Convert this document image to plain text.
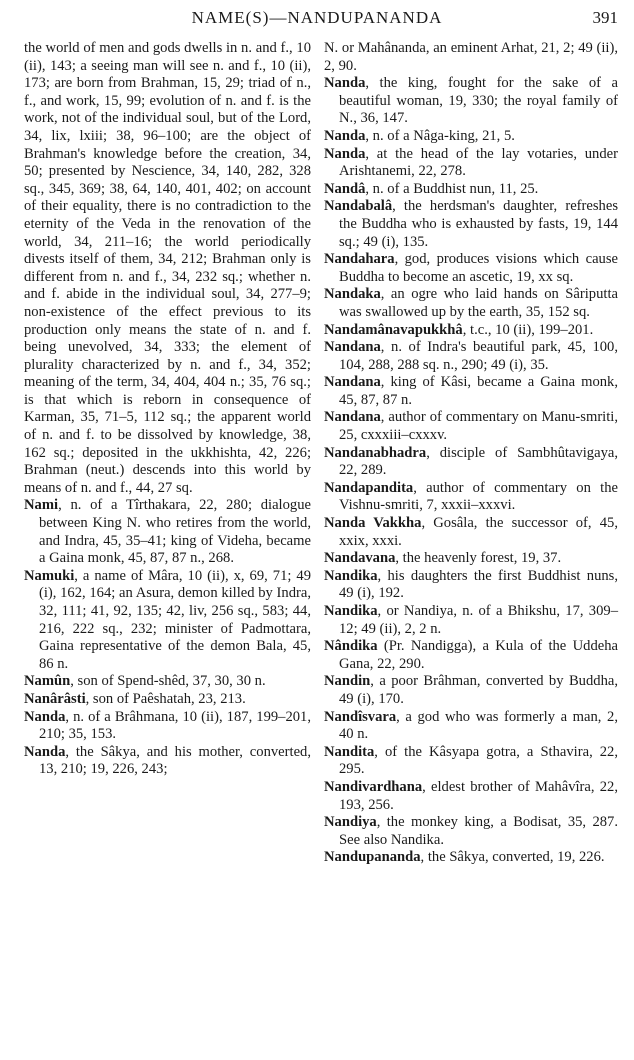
NAME(S)—NANDUPANANDA	391

the world of men and gods dwells in n. and f., 10 (ii), 143; a seeing man will see n. and f., 10 (ii), 173; are born from Brahman, 15, 29; triad of n., f., and work, 15, 99; evolution of n. and f. is the work, not of the individual soul, but of the Lord, 34, lix, lxiii; 38, 96–100; are the object of Brahman's knowledge before the creation, 34, 50; presented by Nescience, 34, 140, 282, 328 sq., 345, 369; 38, 64, 140, 401, 402; on account of their equality, there is no contradiction to the eternity of the Veda in the renovation of the world, 34, 211–16; the world periodically divests itself of them, 34, 212; Brahman only is different from n. and f., 34, 232 sq.; whether n. and f. abide in the individual soul, 34, 277–9; non-existence of the effect previous to its production only means the state of n. and f. being unevolved, 34, 333; the element of plurality characterized by n. and f., 34, 352; meaning of the term, 34, 404, 404 n.; 35, 76 sq.; is that which is reborn in consequence of Karman, 35, 71–5, 112 sq.; the apparent world of n. and f. to be dissolved by knowledge, 38, 162 sq.; deposited in the ukkhishta, 42, 226; Brahman (neut.) descends into this world by means of n. and f., 44, 27 sq.

Nami, n. of a Tîrthakara, 22, 280; dialogue between King N. who retires from the world, and Indra, 45, 35–41; king of Videha, became a Gaina monk, 45, 87, 87 n., 268.

Namuki, a name of Mâra, 10 (ii), x, 69, 71; 49 (i), 162, 164; an Asura, demon killed by Indra, 32, 111; 41, 92, 135; 42, liv, 256 sq., 583; 44, 216, 222 sq., 232; minister of Padmottara, Gaina representative of the demon Bala, 45, 86 n.

Namûn, son of Spend-shêd, 37, 30, 30 n.

Nanârâsti, son of Paêshatah, 23, 213.

Nanda, n. of a Brâhmana, 10 (ii), 187, 199–201, 210; 35, 153.

Nanda, the Sâkya, and his mother, converted, 13, 210; 19, 226, 243;

N. or Mahânanda, an eminent Arhat, 21, 2; 49 (ii), 2, 90.

Nanda, the king, fought for the sake of a beautiful woman, 19, 330; the royal family of N., 36, 147.

Nanda, n. of a Nâga-king, 21, 5.

Nanda, at the head of the lay votaries, under Arishtanemi, 22, 278.

Nandâ, n. of a Buddhist nun, 11, 25.

Nandabalâ, the herdsman's daughter, refreshes the Buddha who is exhausted by fasts, 19, 144 sq.; 49 (i), 135.

Nandahara, god, produces visions which cause Buddha to become an ascetic, 19, xx sq.

Nandaka, an ogre who laid hands on Sâriputta was swallowed up by the earth, 35, 152 sq.

Nandamânavapukkhâ, t.c., 10 (ii), 199–201.

Nandana, n. of Indra's beautiful park, 45, 100, 104, 288, 288 sq. n., 290; 49 (i), 35.

Nandana, king of Kâsi, became a Gaina monk, 45, 87, 87 n.

Nandana, author of commentary on Manu-smriti, 25, cxxxiii–cxxxv.

Nandanabhadra, disciple of Sambhûtavigaya, 22, 289.

Nandapandita, author of commentary on the Vishnu-smriti, 7, xxxii–xxxvi.

Nanda Vakkha, Gosâla, the successor of, 45, xxix, xxxi.

Nandavana, the heavenly forest, 19, 37.

Nandika, his daughters the first Buddhist nuns, 49 (i), 192.

Nandika, or Nandiya, n. of a Bhikshu, 17, 309–12; 49 (ii), 2, 2 n.

Nândika (Pr. Nandigga), a Kula of the Uddeha Gana, 22, 290.

Nandin, a poor Brâhman, converted by Buddha, 49 (i), 170.

Nandîsvara, a god who was formerly a man, 2, 40 n.

Nandita, of the Kâsyapa gotra, a Sthavira, 22, 295.

Nandivardhana, eldest brother of Mahâvîra, 22, 193, 256.

Nandiya, the monkey king, a Bodisat, 35, 287. See also Nandika.

Nandupananda, the Sâkya, converted, 19, 226.
